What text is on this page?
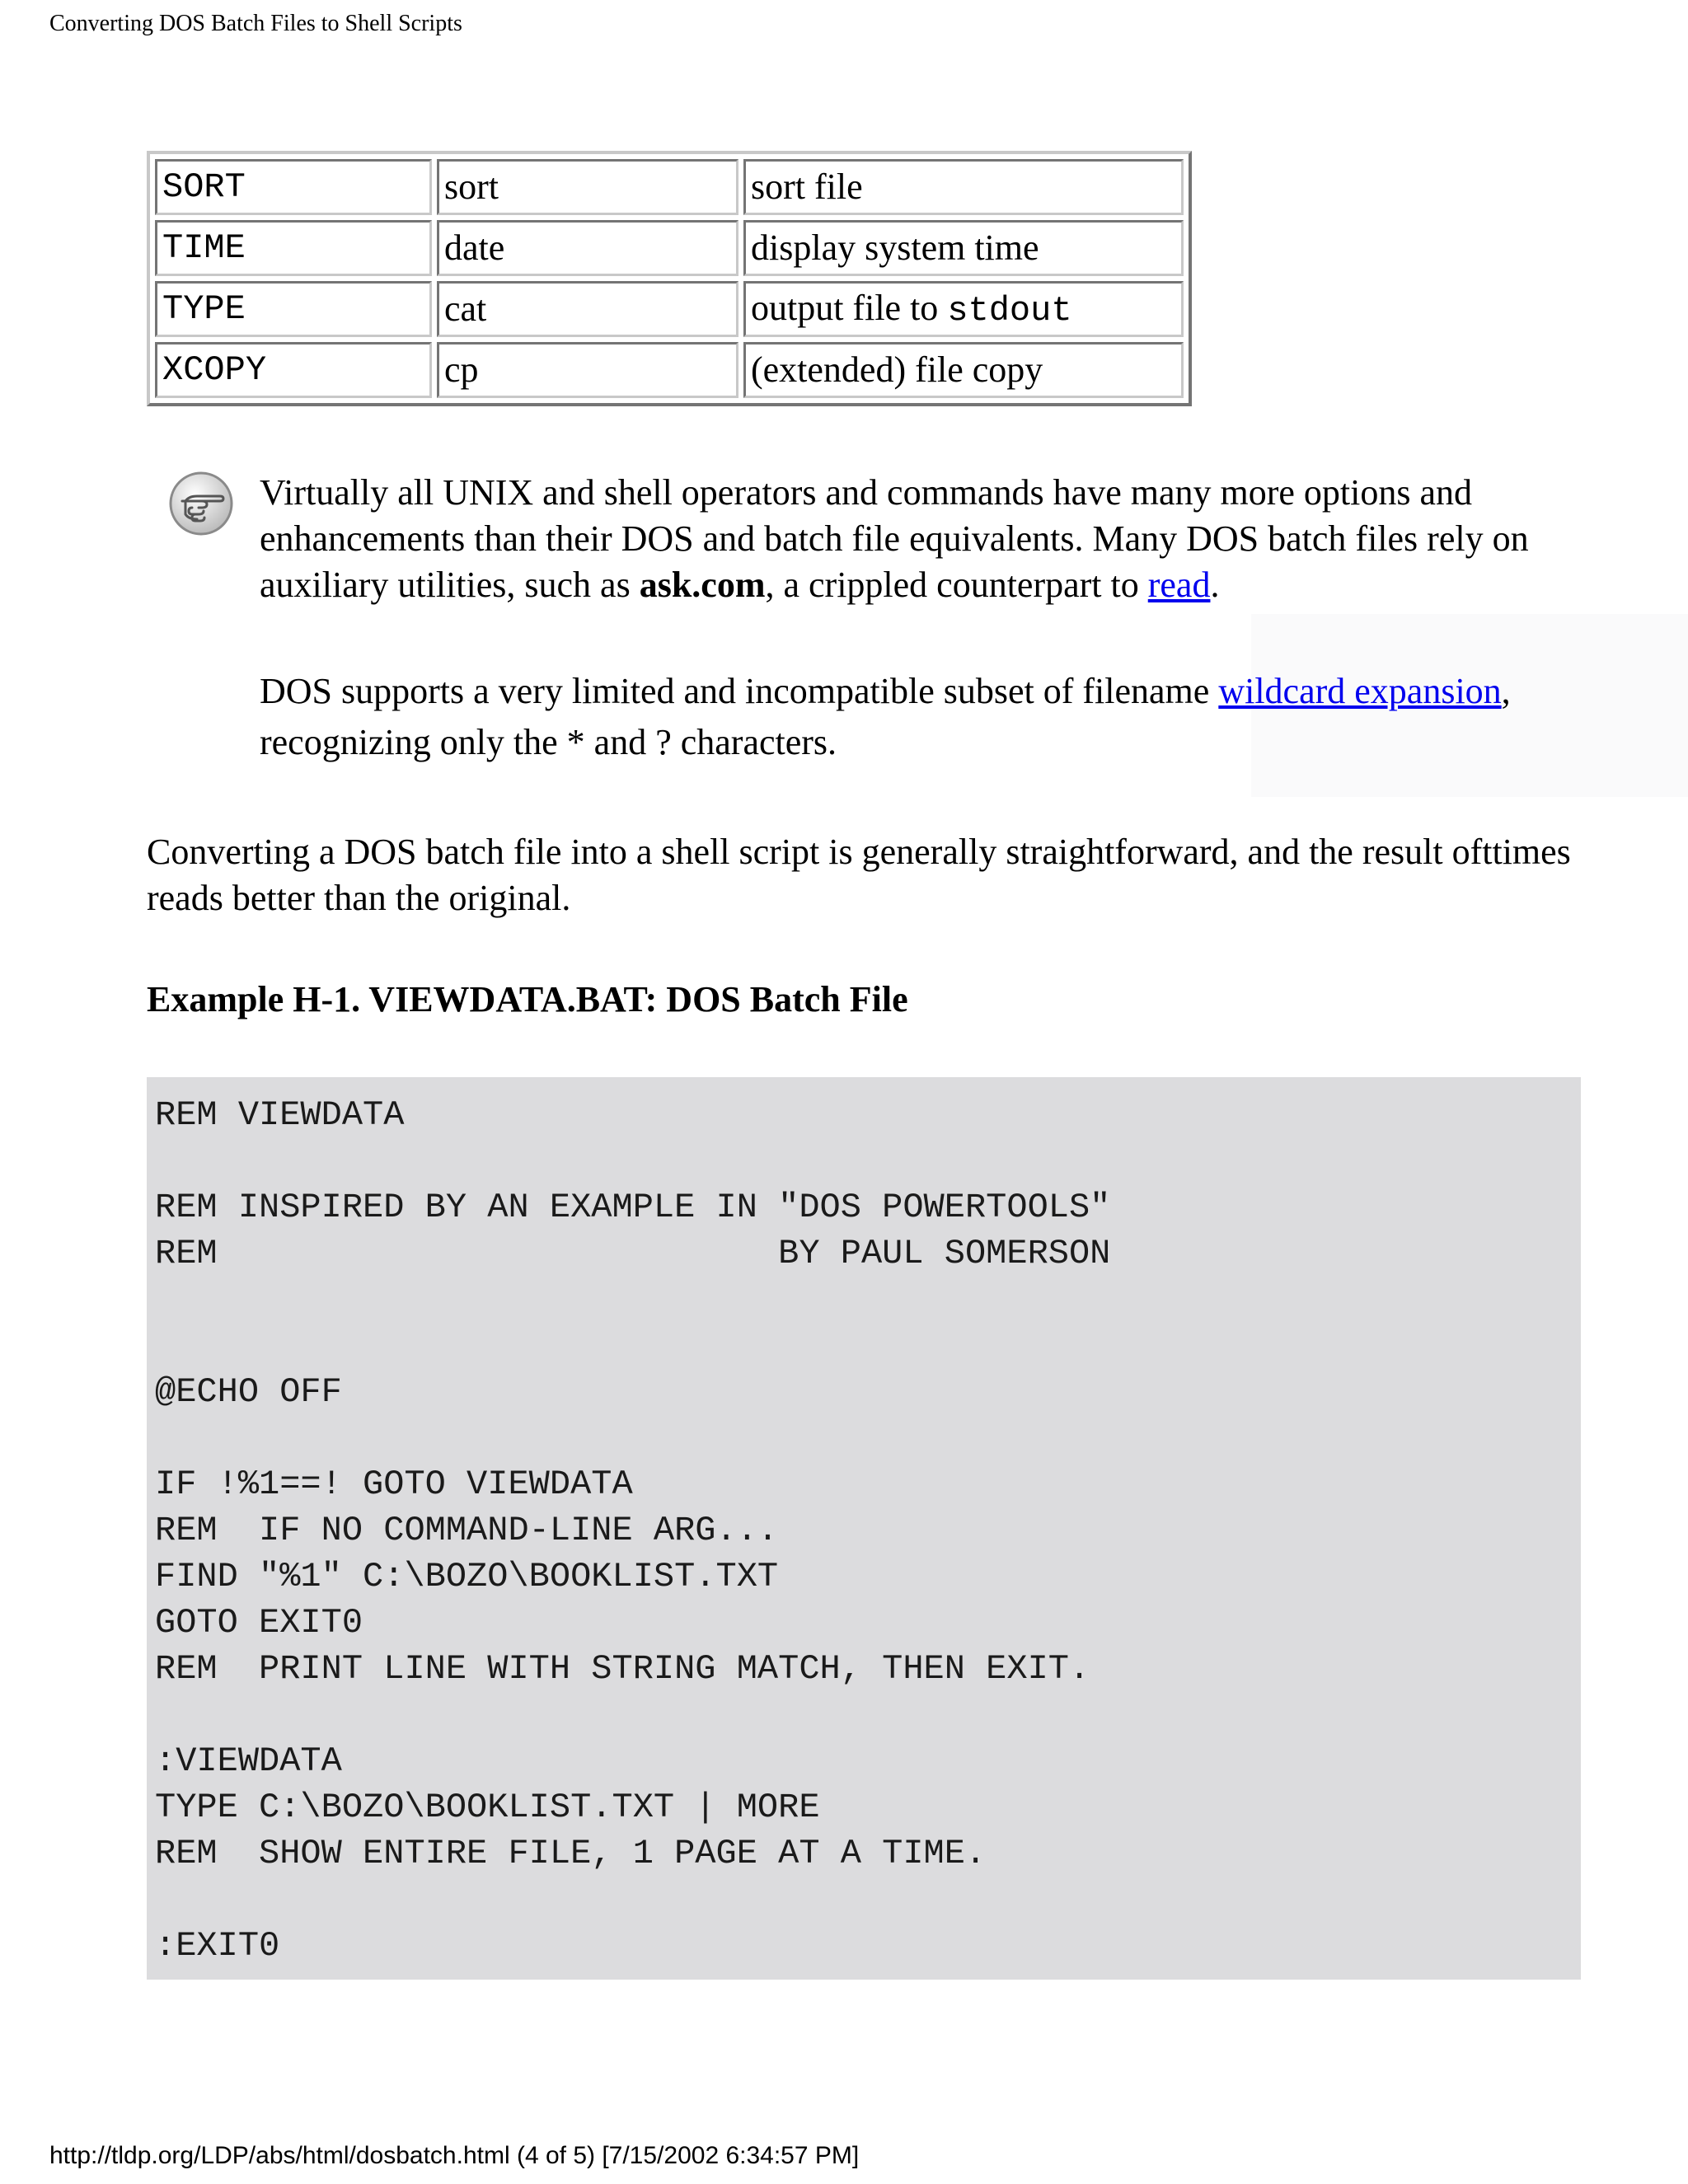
Converting DOS Batch Files to Shell Scripts
SORT	sort	sort file
TIME	date	display system time
TYPE	cat	output file to stdout
XCOPY	cp	(extended) file copy
Virtually all UNIX and shell operators and commands have many more options and enhancements than their DOS and batch file equivalents. Many DOS batch files rely on auxiliary utilities, such as ask.com, a crippled counterpart to read.
DOS supports a very limited and incompatible subset of filename wildcard expansion, recognizing only the * and ? characters.
Converting a DOS batch file into a shell script is generally straightforward, and the result ofttimes reads better than the original.
Example H-1. VIEWDATA.BAT: DOS Batch File
REM VIEWDATA

REM INSPIRED BY AN EXAMPLE IN "DOS POWERTOOLS"
REM                           BY PAUL SOMERSON

@ECHO OFF

IF !%1==! GOTO VIEWDATA
REM  IF NO COMMAND-LINE ARG...
FIND "%1" C:\BOZO\BOOKLIST.TXT
GOTO EXIT0
REM  PRINT LINE WITH STRING MATCH, THEN EXIT.

:VIEWDATA
TYPE C:\BOZO\BOOKLIST.TXT | MORE
REM  SHOW ENTIRE FILE, 1 PAGE AT A TIME.

:EXIT0
http://tldp.org/LDP/abs/html/dosbatch.html (4 of 5) [7/15/2002 6:34:57 PM]
